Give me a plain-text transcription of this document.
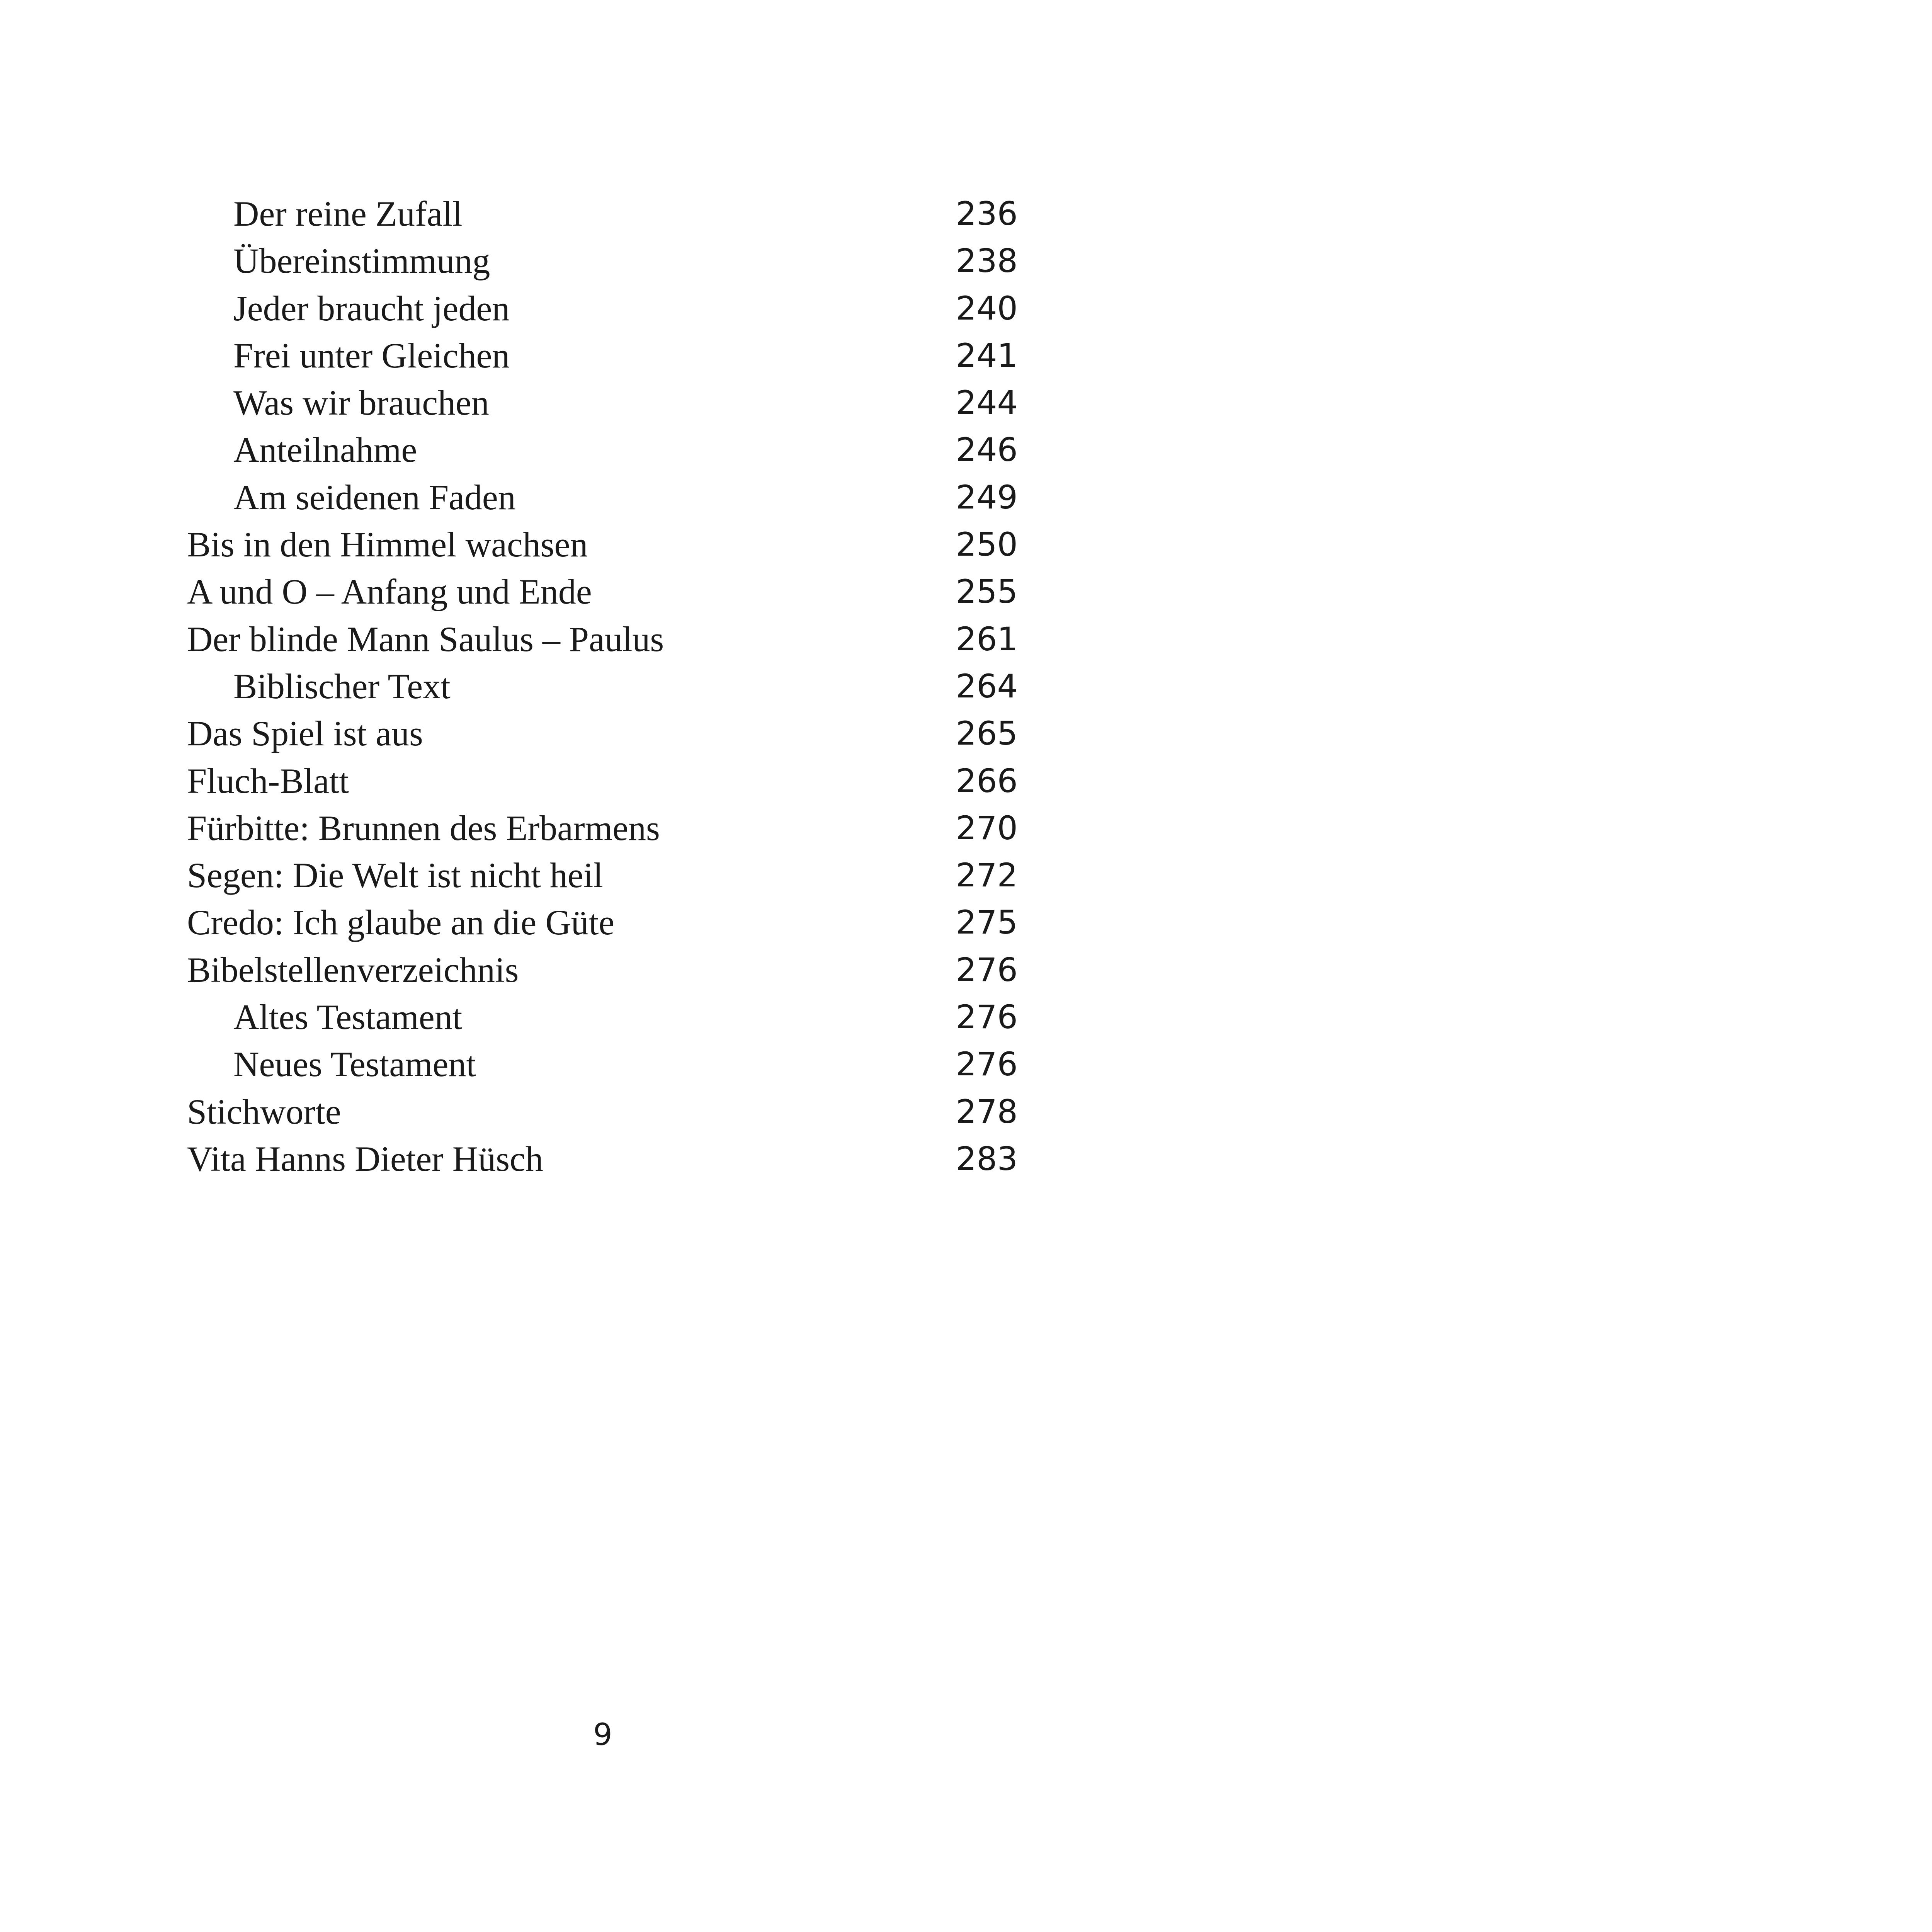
Der reine Zufall	236
Übereinstimmung	238
Jeder braucht jeden	240
Frei unter Gleichen	241
Was wir brauchen	244
Anteilnahme	246
Am seidenen Faden	249
Bis in den Himmel wachsen	250
A und O – Anfang und Ende	255
Der blinde Mann Saulus – Paulus	261
Biblischer Text	264
Das Spiel ist aus	265
Fluch-Blatt	266
Fürbitte: Brunnen des Erbarmens	270
Segen: Die Welt ist nicht heil	272
Credo: Ich glaube an die Güte	275
Bibelstellenverzeichnis	276
Altes Testament	276
Neues Testament	276
Stichworte	278
Vita Hanns Dieter Hüsch	283
9
